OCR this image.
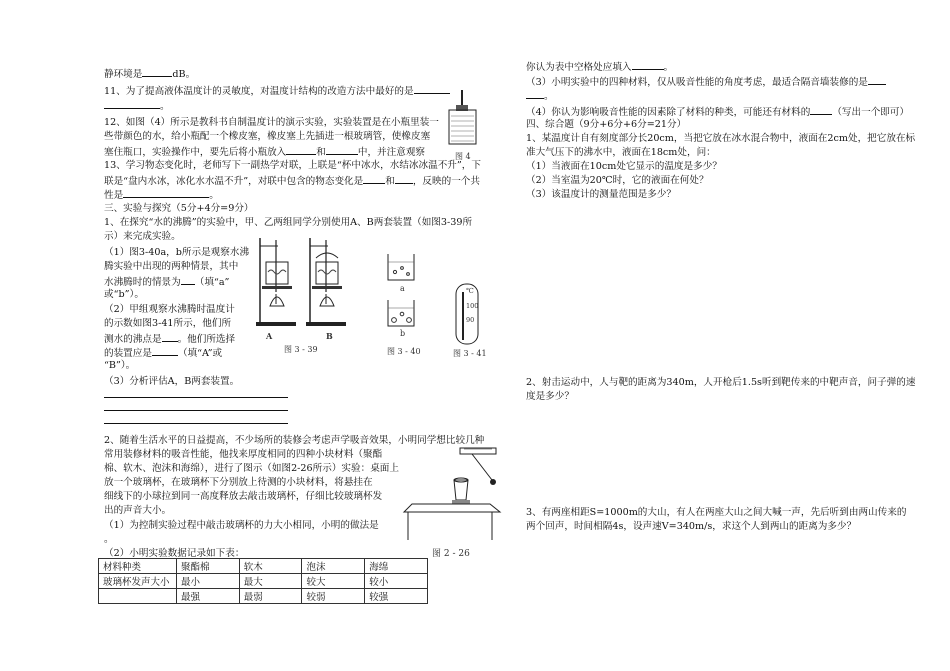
静环境是	dB。
11、为了提高液体温度计的灵敏度，对温度计结构的改造方法中最好的是
。
12、如图（4）所示是教科书自制温度计的演示实验，实验装置是在小瓶里装一
些带颜色的水，给小瓶配一个橡皮塞，橡皮塞上先插进一根玻璃管，使橡皮塞
塞住瓶口，实验操作中，要先后将小瓶放入	和	中，并注意观察	图 4
13、学习物态变化时，老师写下一副热学对联，上联是“杯中冰水，水结冰冰温不升”，下
联是“盘内水冰，冰化水水温不升”，对联中包含的物态变化是 和 ，反映的一个共
性是	。
三、实验与探究（5分+4分=9分）
1、在探究“水的沸腾”的实验中，甲、乙两组同学分别使用A、B两套装置（如图3-39所
示）来完成实验。
（1）图3-40a，b所示是观察水沸
腾实验中出现的两种情景，其中
水沸腾时的情景为 （填“a”
或“b”）。
（2）甲组观察水沸腾时温度计
的示数如图3-41所示，他们所
测水的沸点是 。他们所选择
的装置应是	（填“A”或
“B”）。
（3）分析评估A，B两套装置。
A	B
图 3 - 39
a
b
图 3 - 40
℃
100
90
图 3 - 41
2、随着生活水平的日益提高，不少场所的装修会考虑声学吸音效果，小明同学想比较几种
常用装修材料的吸音性能，他找来厚度相同的四种小块材料（聚酯
棉、软木、泡沫和海绵），进行了图示（如图2-26所示）实验：桌面上
放一个玻璃杯，在玻璃杯下分别放上待测的小块材料，将悬挂在
细线下的小球拉到同一高度释放去敲击玻璃杯，仔细比较玻璃杯发
出的声音大小。
（1）为控制实验过程中敲击玻璃杯的力大小相同，小明的做法是
。
（2）小明实验数据记录如下表：	图 2 - 26
材料种类	聚酯棉	软木	泡沫	海绵
玻璃杯发声大小	最小	最大	较大	较小
	最强	最弱	较弱	较强
你认为表中空格处应填入	。
（3）小明实验中的四种材料，仅从吸音性能的角度考虑，最适合隔音墙装修的是
。
（4）你认为影响吸音性能的因素除了材料的种类，可能还有材料的 （写出一个即可）
四、综合题（9分+6分+6分=21分）
1、某温度计自有刻度部分长20cm，当把它放在冰水混合物中，液面在2cm处，把它放在标
准大气压下的沸水中，液面在18cm处，问：
（1）当液面在10cm处它显示的温度是多少？
（2）当室温为20℃时，它的液面在何处？
（3）该温度计的测量范围是多少？
2、射击运动中，人与靶的距离为340m，人开枪后1.5s听到靶传来的中靶声音，问子弹的速
度是多少？
3、有两座相距S=1000m的大山，有人在两座大山之间大喊一声，先后听到由两山传来的
两个回声，时间相隔4s，设声速V=340m/s，求这个人到两山的距离为多少？
